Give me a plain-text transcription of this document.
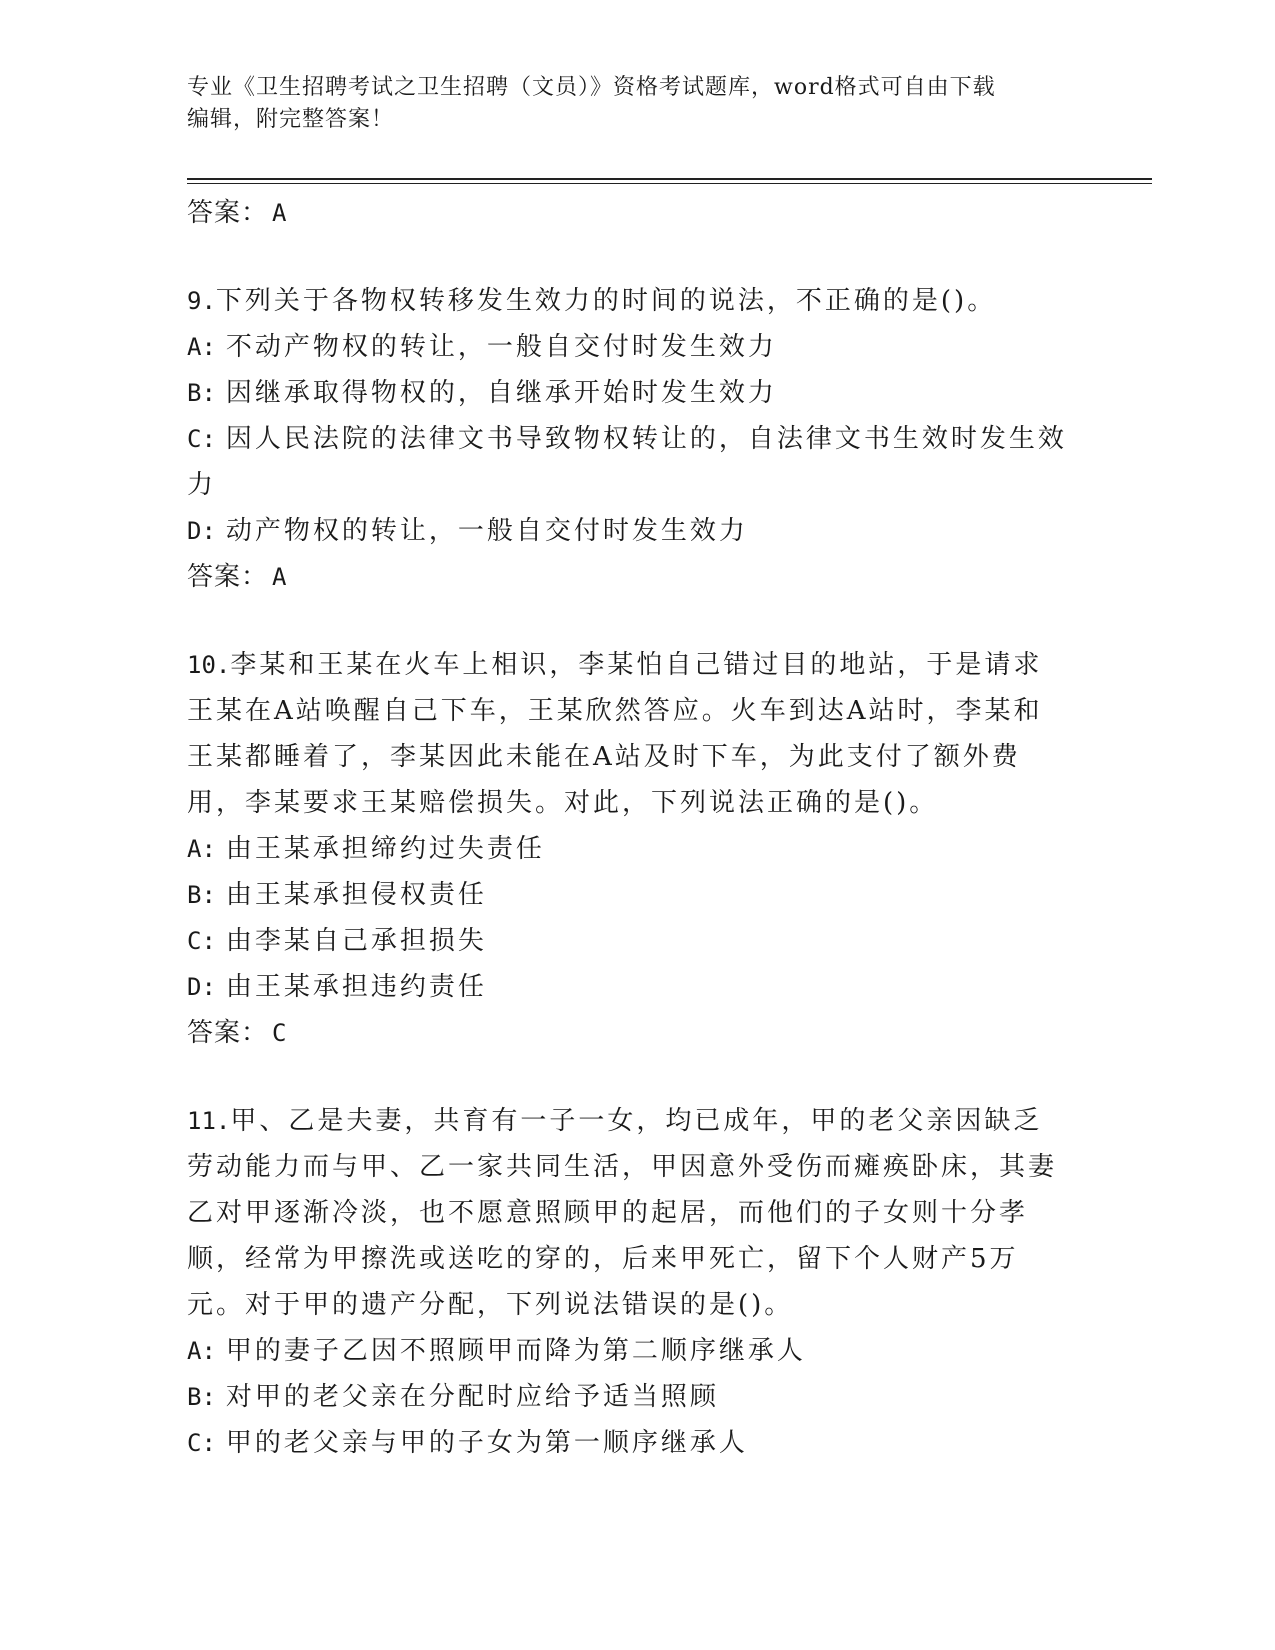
专业《卫生招聘考试之卫生招聘（文员）》资格考试题库，word格式可自由下载
编辑，附完整答案！
答案： A
9.下列关于各物权转移发生效力的时间的说法，不正确的是()。
A: 不动产物权的转让，一般自交付时发生效力
B: 因继承取得物权的，自继承开始时发生效力
C: 因人民法院的法律文书导致物权转让的，自法律文书生效时发生效力
D: 动产物权的转让，一般自交付时发生效力
答案： A
10.李某和王某在火车上相识，李某怕自己错过目的地站，于是请求王某在A站唤醒自己下车，王某欣然答应。火车到达A站时，李某和王某都睡着了，李某因此未能在A站及时下车，为此支付了额外费用，李某要求王某赔偿损失。对此，下列说法正确的是()。
A: 由王某承担缔约过失责任
B: 由王某承担侵权责任
C: 由李某自己承担损失
D: 由王某承担违约责任
答案： C
11.甲、乙是夫妻，共育有一子一女，均已成年，甲的老父亲因缺乏劳动能力而与甲、乙一家共同生活，甲因意外受伤而瘫痪卧床，其妻乙对甲逐渐冷淡，也不愿意照顾甲的起居，而他们的子女则十分孝顺，经常为甲擦洗或送吃的穿的，后来甲死亡，留下个人财产5万元。对于甲的遗产分配，下列说法错误的是()。
A: 甲的妻子乙因不照顾甲而降为第二顺序继承人
B: 对甲的老父亲在分配时应给予适当照顾
C: 甲的老父亲与甲的子女为第一顺序继承人
